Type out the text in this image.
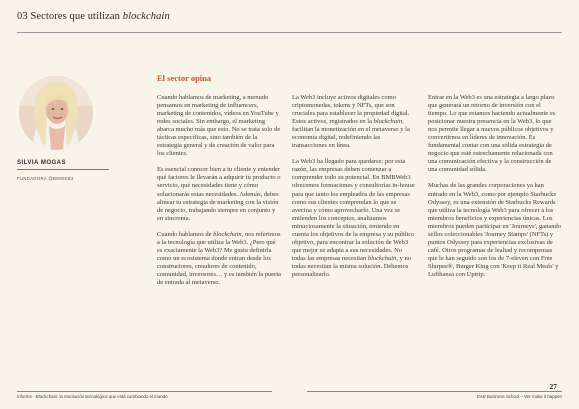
03 Sectores que utilizan blockchain
SILVIA MOGAS
FUNDADORA @BMWEB3
El sector opina

Cuando hablamos de marketing, a menudo pensamos en marketing de influencers, marketing de contenidos, vídeos en YouTube y redes sociales. Sin embargo, el marketing abarca mucho más que esto. No se trata solo de tácticas específicas, sino también de la estrategia general y de creación de valor para los clientes.

Es esencial conocer bien a tu cliente y entender qué factores le llevarán a adquirir tu producto o servicio, qué necesidades tiene y cómo solucionarás estas necesidades. Además, debes alinear tu estrategia de marketing con la visión de negocio, trabajando siempre en conjunto y en sincronía.

Cuando hablamos de blockchain, nos referimos a la tecnología que utiliza la Web3. ¿Pero qué es exactamente la Web3? Me gusta definirla como un ecosistema donde entran desde los constructores, creadores de contenido, comunidad, inversores… y es también la puerta de entrada al metaverso.

La Web3 incluye activos digitales como criptomonedas, tokens y NFTs, que son cruciales para establecer la propiedad digital. Estos activos, registrados en la blockchain, facilitan la monetización en el metaverso y la economía digital, redefiniendo las transacciones en línea.

La Web3 ha llegado para quedarse; por esta razón, las empresas deben comenzar a comprender todo su potencial. En BMBWeb3 ofrecemos formaciones y consultorías in-house para que tanto los empleados de las empresas como sus clientes comprendan lo que se avecina y cómo aprovecharlo. Una vez se entienden los conceptos, analizamos minuciosamente la situación, teniendo en cuenta los objetivos de la empresa y su público objetivo, para encontrar la solución de Web3 que mejor se adapta a sus necesidades. No todas las empresas necesitan blockchain, y no todas necesitan la misma solución. Debemos personalizarlo.

Entrar en la Web3 es una estrategia a largo plazo que generará un retorno de inversión con el tiempo. Lo que estamos haciendo actualmente es posicionar nuestra presencia en la Web3, lo que nos permite llegar a nuevos públicos objetivos y convertirnos en líderes de innovación. Es fundamental contar con una sólida estrategia de negocio que esté estrechamente relacionada con una comunicación efectiva y la construcción de una comunidad sólida.

Muchas de las grandes corporaciones ya han entrado en la Web3, como por ejemplo Starbucks Odyssey, es una extensión de Starbucks Rewards que utiliza la tecnología Web3 para ofrecer a los miembros beneficios y experiencias únicas. Los miembros pueden participar en 'Journeys', ganando sellos coleccionables 'Journey Stamps' (NFTs) y puntos Odyssey para experiencias exclusivas de café. Otros programas de lealtad y recompensas que le han seguido son los de 7-eleven con Free Slurpee®, Burger King con 'Keep it Real Meals' y Lufthansa con Uptrip.

27
Informe - Blockchain: la revolución tecnológica que está cambiando el mundo	EAE Business School – We make it happen
